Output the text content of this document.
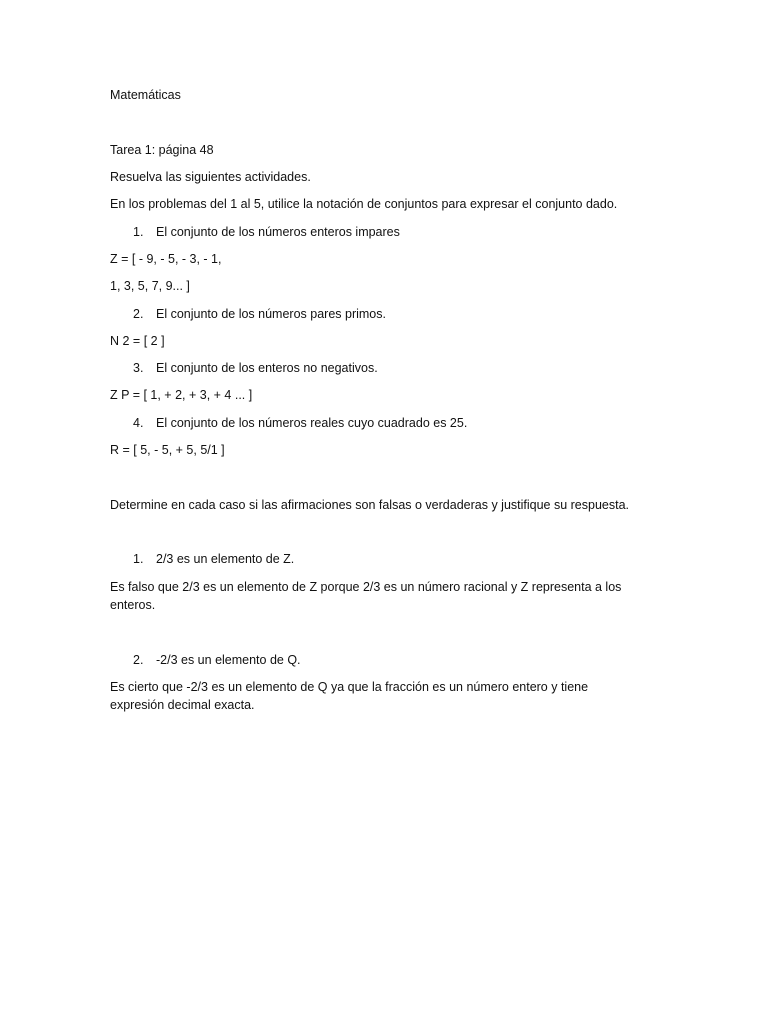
Matemáticas
Tarea 1: página 48
Resuelva las siguientes actividades.
En los problemas del 1 al 5, utilice la notación de conjuntos para expresar el conjunto dado.
1. El conjunto de los números enteros impares
Z = [ - 9, - 5, - 3, - 1,
1, 3, 5, 7, 9... ]
2. El conjunto de los números pares primos.
N 2 = [ 2 ]
3. El conjunto de los enteros no negativos.
Z P = [ 1, + 2, + 3, + 4 ... ]
4. El conjunto de los números reales cuyo cuadrado es 25.
R = [ 5, - 5, + 5, 5/1 ]
Determine en cada caso si las afirmaciones son falsas o verdaderas y justifique su respuesta.
1. 2/3 es un elemento de Z.
Es falso que 2/3 es un elemento de Z porque 2/3 es un número racional y Z representa a los enteros.
2. -2/3 es un elemento de Q.
Es cierto que -2/3 es un elemento de Q ya que la fracción es un número entero y tiene expresión decimal exacta.
